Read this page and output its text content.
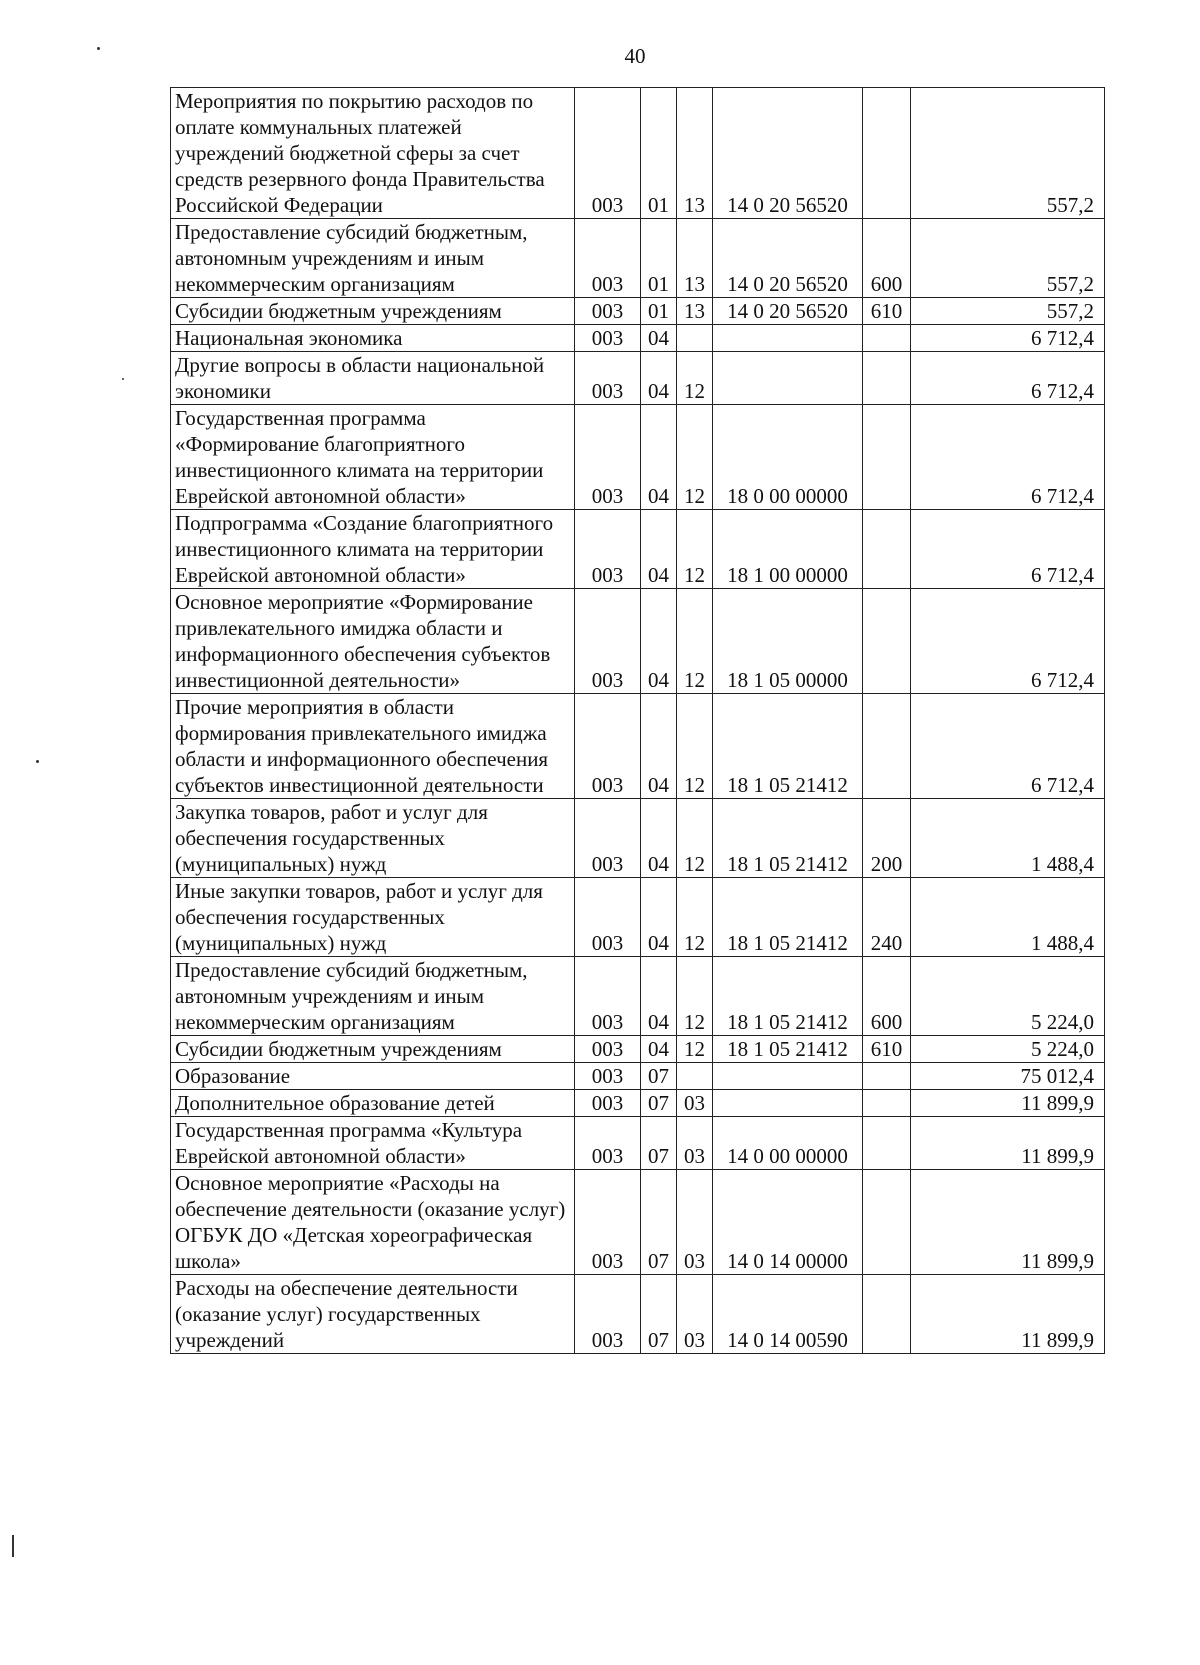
40
Мероприятия по покрытию расходов по оплате коммунальных платежей учреждений бюджетной сферы за счет средств резервного фонда Правительства Российской Федерации	003	01	13	14 0 20 56520		557,2
Предоставление субсидий бюджетным, автономным учреждениям и иным некоммерческим организациям	003	01	13	14 0 20 56520	600	557,2
Субсидии бюджетным учреждениям	003	01	13	14 0 20 56520	610	557,2
Национальная экономика	003	04				6 712,4
Другие вопросы в области национальной экономики	003	04	12			6 712,4
Государственная программа «Формирование благоприятного инвестиционного климата на территории Еврейской автономной области»	003	04	12	18 0 00 00000		6 712,4
Подпрограмма «Создание благоприятного инвестиционного климата на территории Еврейской автономной области»	003	04	12	18 1 00 00000		6 712,4
Основное мероприятие «Формирование привлекательного имиджа области и информационного обеспечения субъектов инвестиционной деятельности»	003	04	12	18 1 05 00000		6 712,4
Прочие мероприятия в области формирования привлекательного имиджа области и информационного обеспечения субъектов инвестиционной деятельности	003	04	12	18 1 05 21412		6 712,4
Закупка товаров, работ и услуг для обеспечения государственных (муниципальных) нужд	003	04	12	18 1 05 21412	200	1 488,4
Иные закупки товаров, работ и услуг для обеспечения государственных (муниципальных) нужд	003	04	12	18 1 05 21412	240	1 488,4
Предоставление субсидий бюджетным, автономным учреждениям и иным некоммерческим организациям	003	04	12	18 1 05 21412	600	5 224,0
Субсидии бюджетным учреждениям	003	04	12	18 1 05 21412	610	5 224,0
Образование	003	07				75 012,4
Дополнительное образование детей	003	07	03			11 899,9
Государственная программа «Культура Еврейской автономной области»	003	07	03	14 0 00 00000		11 899,9
Основное мероприятие «Расходы на обеспечение деятельности (оказание услуг) ОГБУК ДО «Детская хореографическая школа»	003	07	03	14 0 14 00000		11 899,9
Расходы на обеспечение деятельности (оказание услуг) государственных учреждений	003	07	03	14 0 14 00590		11 899,9
